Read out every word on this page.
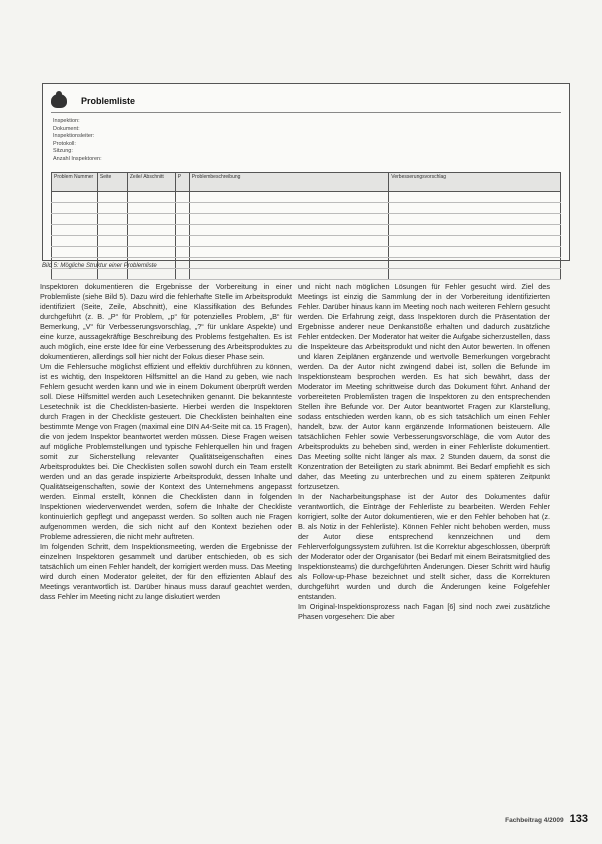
Problemliste
Inspektion:
Dokument:
Inspektionsleiter:
Protokoll:
Sitzung:
Anzahl Inspektoren:
Problem Nummer	Seite	Zeile/ Abschnitt	P	Problembeschreibung	Verbesserungsvorschlag

Bild 5: Mögliche Struktur einer Problemliste

Inspektoren dokumentieren die Ergebnisse der Vorbereitung in einer Problemliste (siehe Bild 5). Dazu wird die fehlerhafte Stelle im Arbeitsprodukt identifiziert (Seite, Zeile, Abschnitt), eine Klassifikation des Befundes durchgeführt (z. B. „P“ für Problem, „p“ für potenzielles Problem, „B“ für Bemerkung, „V“ für Verbesserungsvorschlag, „?“ für unklare Aspekte) und eine kurze, aussagekräftige Beschreibung des Problems festgehalten. Es ist auch möglich, eine erste Idee für eine Verbesserung des Arbeitsproduktes zu dokumentieren, allerdings soll hier nicht der Fokus dieser Phase sein.

Um die Fehlersuche möglichst effizient und effektiv durchführen zu können, ist es wichtig, den Inspektoren Hilfsmittel an die Hand zu geben, wie nach Fehlern gesucht werden kann und wie in einem Dokument überprüft werden soll. Diese Hilfsmittel werden auch Lesetechniken genannt. Die bekannteste Lesetechnik ist die Checklisten-basierte. Hierbei werden die Inspektoren durch Fragen in der Checkliste gesteuert. Die Checklisten beinhalten eine bestimmte Menge von Fragen (maximal eine DIN A4-Seite mit ca. 15 Fragen), die von jedem Inspektor beantwortet werden müssen. Diese Fragen weisen auf mögliche Problemstellungen und typische Fehlerquellen hin und fragen somit zur Sicherstellung relevanter Qualitätseigenschaften eines Arbeitsproduktes bei. Die Checklisten sollen sowohl durch ein Team erstellt werden und an das gerade inspizierte Arbeitsprodukt, dessen Inhalte und Qualitätseigenschaften, sowie der Kontext des Unternehmens angepasst werden. Einmal erstellt, können die Checklisten dann in folgenden Inspektionen wiederverwendet werden, sofern die Inhalte der Checkliste kontinuierlich gepflegt und angepasst werden. So sollten auch nie Fragen aufgenommen werden, die sich nicht auf den Kontext beziehen oder Probleme adressieren, die nicht mehr auftreten.

Im folgenden Schritt, dem Inspektionsmeeting, werden die Ergebnisse der einzelnen Inspektoren gesammelt und darüber entschieden, ob es sich tatsächlich um einen Fehler handelt, der korrigiert werden muss. Das Meeting wird durch einen Moderator geleitet, der für den effizienten Ablauf des Meetings verantwortlich ist. Darüber hinaus muss darauf geachtet werden, dass Fehler im Meeting nicht zu lange diskutiert werden

und nicht nach möglichen Lösungen für Fehler gesucht wird. Ziel des Meetings ist einzig die Sammlung der in der Vorbereitung identifizierten Fehler. Darüber hinaus kann im Meeting noch nach weiteren Fehlern gesucht werden. Die Erfahrung zeigt, dass Inspektoren durch die Präsentation der Ergebnisse anderer neue Denkanstöße erhalten und dadurch zusätzliche Fehler entdecken. Der Moderator hat weiter die Aufgabe sicherzustellen, dass die Inspekteure das Arbeitsprodukt und nicht den Autor bewerten. In offenen und klaren Zeiplänen ergänzende und wertvolle Bemerkungen vorgebracht werden. Da der Autor nicht zwingend dabei ist, sollen die Befunde im Inspektionsteam besprochen werden. Es hat sich bewährt, dass der Moderator im Meeting schrittweise durch das Dokument führt. Anhand der vorbereiteten Problemlisten tragen die Inspektoren zu den entsprechenden Stellen ihre Befunde vor. Der Autor beantwortet Fragen zur Klarstellung, sodass entschieden werden kann, ob es sich tatsächlich um einen Fehler handelt, bzw. der Autor kann ergänzende Informationen beisteuern. Alle tatsächlichen Fehler sowie Verbesserungsvorschläge, die vom Autor des Arbeitsprodukts zu beheben sind, werden in einer Fehlerliste dokumentiert. Das Meeting sollte nicht länger als max. 2 Stunden dauern, da sonst die Konzentration der Beteiligten zu stark abnimmt. Bei Bedarf empfiehlt es sich daher, das Meeting zu unterbrechen und zu einem späteren Zeitpunkt fortzusetzen.

In der Nacharbeitungsphase ist der Autor des Dokumentes dafür verantwortlich, die Einträge der Fehlerliste zu bearbeiten. Werden Fehler korrigiert, sollte der Autor dokumentieren, wie er den Fehler behoben hat (z. B. als Notiz in der Fehlerliste). Können Fehler nicht behoben werden, muss der Autor diese entsprechend kennzeichnen und dem Fehlerverfolgungssystem zuführen. Ist die Korrektur abgeschlossen, überprüft der Moderator oder der Organisator (bei Bedarf mit einem Beiratsmitglied des Inspektionsteams) die durchgeführten Änderungen. Dieser Schritt wird häufig als Follow-up-Phase bezeichnet und stellt sicher, dass die Korrekturen durchgeführt wurden und durch die Änderungen keine Folgefehler entstanden.

Im Original-Inspektionsprozess nach Fagan [6] sind noch zwei zusätzliche Phasen vorgesehen: Die aber

Fachbeitrag 4/2009 133
